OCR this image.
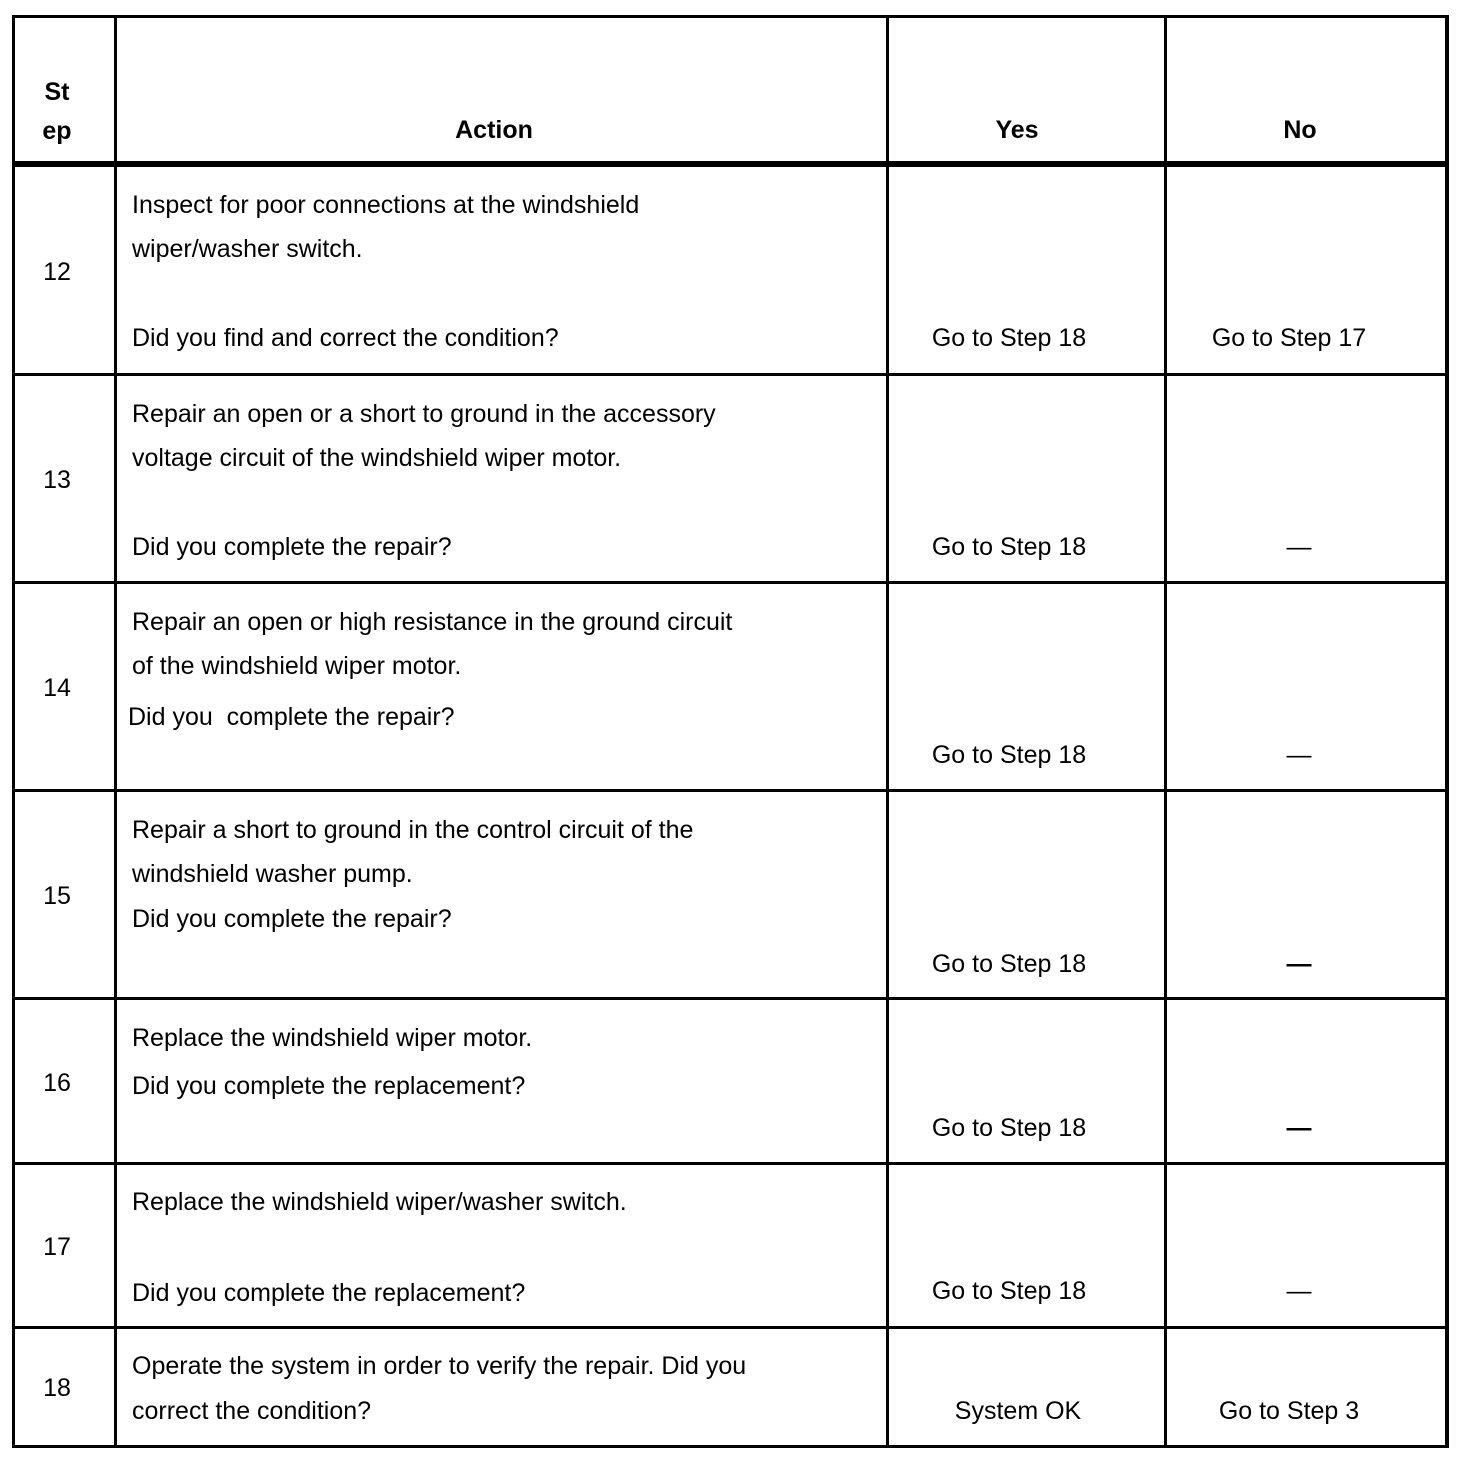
St
ep	Action	Yes	No
12
Inspect for poor connections at the windshield
wiper/washer switch.
Did you find and correct the condition?	Go to Step 18	Go to Step 17
13
Repair an open or a short to ground in the accessory
voltage circuit of the windshield wiper motor.
Did you complete the repair?	Go to Step 18	—
14
Repair an open or high resistance in the ground circuit
of the windshield wiper motor.
Did you  complete the repair?
Go to Step 18	—
15
Repair a short to ground in the control circuit of the
windshield washer pump.
Did you complete the repair?
Go to Step 18	—
16
Replace the windshield wiper motor.
Did you complete the replacement?
Go to Step 18	—
17
Replace the windshield wiper/washer switch.
Did you complete the replacement?	Go to Step 18	—
18
Operate the system in order to verify the repair. Did you
correct the condition?	System OK	Go to Step 3
